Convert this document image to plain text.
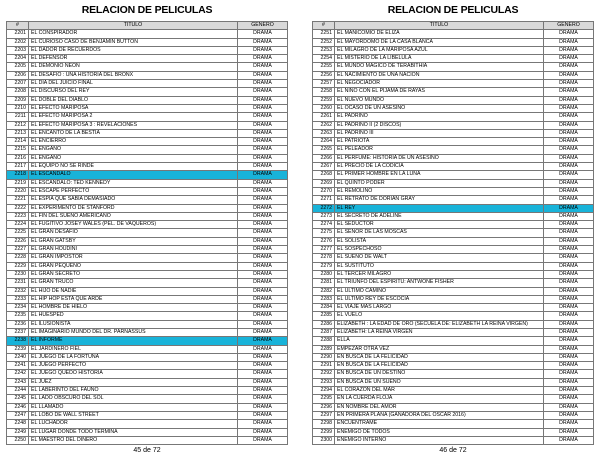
RELACION DE PELICULAS
#	TITULO	GENERO
2201	EL CONSPIRADOR	DRAMA
2202	EL CURIOSO CASO DE BENJAMIN BUTTON	DRAMA
2203	EL DADOR DE RECUERDOS	DRAMA
2204	EL DEFENSOR	DRAMA
2205	EL DEMONIO NEON	DRAMA
2206	EL DESAFIO : UNA HISTORIA DEL BRONX	DRAMA
2207	EL DIA DEL JUICIO FINAL	DRAMA
2208	EL DISCURSO DEL REY	DRAMA
2209	EL DOBLE DEL DIABLO	DRAMA
2210	EL EFECTO MARIPOSA	DRAMA
2211	EL EFECTO MARIPOSA 2	DRAMA
2212	EL EFECTO MARIPOSA 3 : REVELACIONES	DRAMA
2213	EL ENCANTO DE LA BESTIA	DRAMA
2214	EL ENCIERRO	DRAMA
2215	EL ENGAÑO	DRAMA
2216	EL ENGAÑO	DRAMA
2217	EL EQUIPO NO SE RINDE	DRAMA
2218	EL ESCANDALO	DRAMA
2219	EL ESCANDALO: TED KENNEDY	DRAMA
2220	EL ESCAPE PERFECTO	DRAMA
2221	EL ESPIA QUE SABIA DEMASIADO	DRAMA
2222	EL EXPERIMENTO DE STANFORD	DRAMA
2223	EL FIN DEL SUEÑO AMERICANO	DRAMA
2224	EL FUGITIVO JOSEY WALES (PEL. DE VAQUEROS)	DRAMA
2225	EL GRAN DESAFIO	DRAMA
2226	EL GRAN GATSBY	DRAMA
2227	EL GRAN HOUDINI	DRAMA
2228	EL GRAN IMPOSTOR	DRAMA
2229	EL GRAN PEQUEÑO	DRAMA
2230	EL GRAN SECRETO	DRAMA
2231	EL GRAN TRUCO	DRAMA
2232	EL HIJO DE NADIE	DRAMA
2233	EL HIP HOP ESTA QUE ARDE	DRAMA
2234	EL HOMBRE DE HIELO	DRAMA
2235	EL HUESPED	DRAMA
2236	EL ILUSIONISTA	DRAMA
2237	EL IMAGINARIO MUNDO DEL DR. PARNASSUS	DRAMA
2238	EL INFORME	DRAMA
2239	EL JARDINERO FIEL	DRAMA
2240	EL JUEGO DE LA FORTUNA	DRAMA
2241	EL JUEGO PERFECTO	DRAMA
2242	EL JUEGO QUEDO HISTORIA	DRAMA
2243	EL JUEZ	DRAMA
2244	EL LABERINTO DEL FAUNO	DRAMA
2245	EL LADO OBSCURO DEL SOL	DRAMA
2246	EL LLAMADO	DRAMA
2247	EL LOBO DE WALL STREET	DRAMA
2248	EL LUCHADOR	DRAMA
2249	EL LUGAR DONDE TODO TERMINA	DRAMA
2250	EL MAESTRO DEL DINERO	DRAMA
45 de 72
RELACION DE PELICULAS
#	TITULO	GENERO
2251	EL MANICOMIO DE ELIZA	DRAMA
2252	EL MAYORDOMO DE LA CASA BLANCA	DRAMA
2253	EL MILAGRO DE LA MARIPOSA AZUL	DRAMA
2254	EL MISTERIO DE LA LIBELULA	DRAMA
2255	EL MUNDO MAGICO DE TERABITHIA	DRAMA
2256	EL NACIMIENTO DE UNA NACION	DRAMA
2257	EL NEGOCIADOR	DRAMA
2258	EL NIÑO CON EL PIJAMA DE RAYAS	DRAMA
2259	EL NUEVO MUNDO	DRAMA
2260	EL OCASO DE UN ASESINO	DRAMA
2261	EL PADRINO	DRAMA
2262	EL PADRINO II (2 DISCOS)	DRAMA
2263	EL PADRINO III	DRAMA
2264	EL PATRIOTA	DRAMA
2265	EL PELEADOR	DRAMA
2266	EL PERFUME: HISTORIA DE UN ASESINO	DRAMA
2267	EL PRECIO DE LA CODICIA	DRAMA
2268	EL PRIMER HOMBRE EN LA LUNA	DRAMA
2269	EL QUINTO PODER	DRAMA
2270	EL REMOLINO	DRAMA
2271	EL RETRATO DE DORIAN GRAY	DRAMA
2272	EL REY	DRAMA
2273	EL SECRETO DE ADELINE	DRAMA
2274	EL SEDUCTOR	DRAMA
2275	EL SEÑOR DE LAS MOSCAS	DRAMA
2276	EL SOLISTA	DRAMA
2277	EL SOSPECHOSO	DRAMA
2278	EL SUEÑO DE WALT	DRAMA
2279	EL SUSTITUTO	DRAMA
2280	EL TERCER MILAGRO	DRAMA
2281	EL TRIUNFO DEL ESPIRITU: ANTWONE FISHER	DRAMA
2282	EL ULTIMO CAMINO	DRAMA
2283	EL ULTIMO REY DE ESCOCIA	DRAMA
2284	EL VIAJE MAS LARGO	DRAMA
2285	EL VUELO	DRAMA
2286	ELIZABETH : LA EDAD DE ORO (SECUELA DE: ELIZABETH LA REINA VIRGEN)	DRAMA
2287	ELIZABETH: LA REINA VIRGEN	DRAMA
2288	ELLA	DRAMA
2289	EMPEZAR OTRA VEZ	DRAMA
2290	EN BUSCA DE LA FELICIDAD	DRAMA
2291	EN BUSCA DE LA FELICIDAD	DRAMA
2292	EN BUSCA DE UN DESTINO	DRAMA
2293	EN BUSCA DE UN SUEÑO	DRAMA
2294	EL CORAZON DEL MAR	DRAMA
2295	EN LA CUERDA FLOJA	DRAMA
2296	EN NOMBRE DEL AMOR	DRAMA
2297	EN PRIMERA PLANA (GANADORA DEL OSCAR 2016)	DRAMA
2298	ENCUENTRAME	DRAMA
2299	ENEMIGO DE TODOS	DRAMA
2300	ENEMIGO INTERNO	DRAMA
46 de 72
